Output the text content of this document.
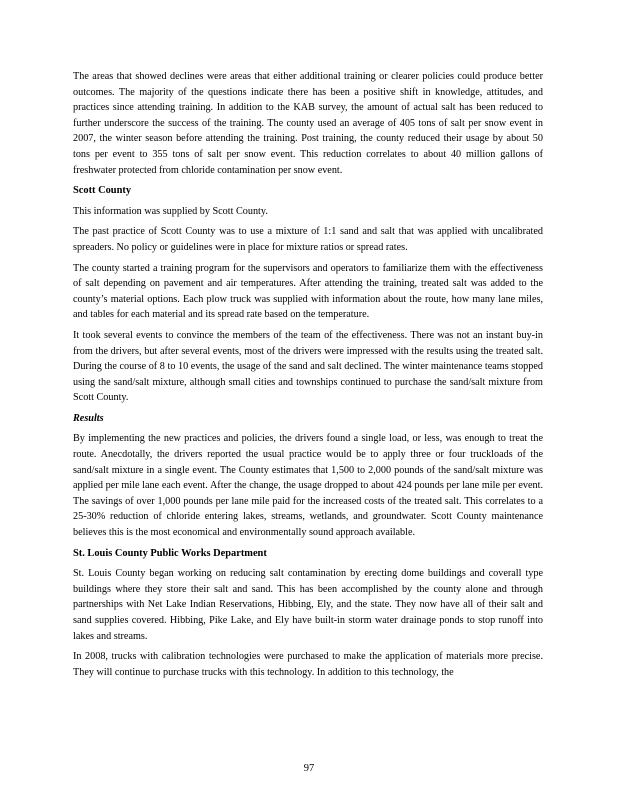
The areas that showed declines were areas that either additional training or clearer policies could produce better outcomes. The majority of the questions indicate there has been a positive shift in knowledge, attitudes, and practices since attending training. In addition to the KAB survey, the amount of actual salt has been reduced to further underscore the success of the training. The county used an average of 405 tons of salt per snow event in 2007, the winter season before attending the training. Post training, the county reduced their usage by about 50 tons per event to 355 tons of salt per snow event. This reduction correlates to about 40 million gallons of freshwater protected from chloride contamination per snow event.

Scott County

This information was supplied by Scott County.

The past practice of Scott County was to use a mixture of 1:1 sand and salt that was applied with uncalibrated spreaders. No policy or guidelines were in place for mixture ratios or spread rates.

The county started a training program for the supervisors and operators to familiarize them with the effectiveness of salt depending on pavement and air temperatures. After attending the training, treated salt was added to the county’s material options. Each plow truck was supplied with information about the route, how many lane miles, and tables for each material and its spread rate based on the temperature.

It took several events to convince the members of the team of the effectiveness. There was not an instant buy-in from the drivers, but after several events, most of the drivers were impressed with the results using the treated salt. During the course of 8 to 10 events, the usage of the sand and salt declined. The winter maintenance teams stopped using the sand/salt mixture, although small cities and townships continued to purchase the sand/salt mixture from Scott County.

Results

By implementing the new practices and policies, the drivers found a single load, or less, was enough to treat the route. Anecdotally, the drivers reported the usual practice would be to apply three or four truckloads of the sand/salt mixture in a single event. The County estimates that 1,500 to 2,000 pounds of the sand/salt mixture was applied per mile lane each event. After the change, the usage dropped to about 424 pounds per lane mile per event. The savings of over 1,000 pounds per lane mile paid for the increased costs of the treated salt. This correlates to a 25-30% reduction of chloride entering lakes, streams, wetlands, and groundwater. Scott County maintenance believes this is the most economical and environmentally sound approach available.

St. Louis County Public Works Department

St. Louis County began working on reducing salt contamination by erecting dome buildings and coverall type buildings where they store their salt and sand. This has been accomplished by the county alone and through partnerships with Net Lake Indian Reservations, Hibbing, Ely, and the state. They now have all of their salt and sand supplies covered. Hibbing, Pike Lake, and Ely have built-in storm water drainage ponds to stop runoff into lakes and streams.

In 2008, trucks with calibration technologies were purchased to make the application of materials more precise. They will continue to purchase trucks with this technology. In addition to this technology, the

97
